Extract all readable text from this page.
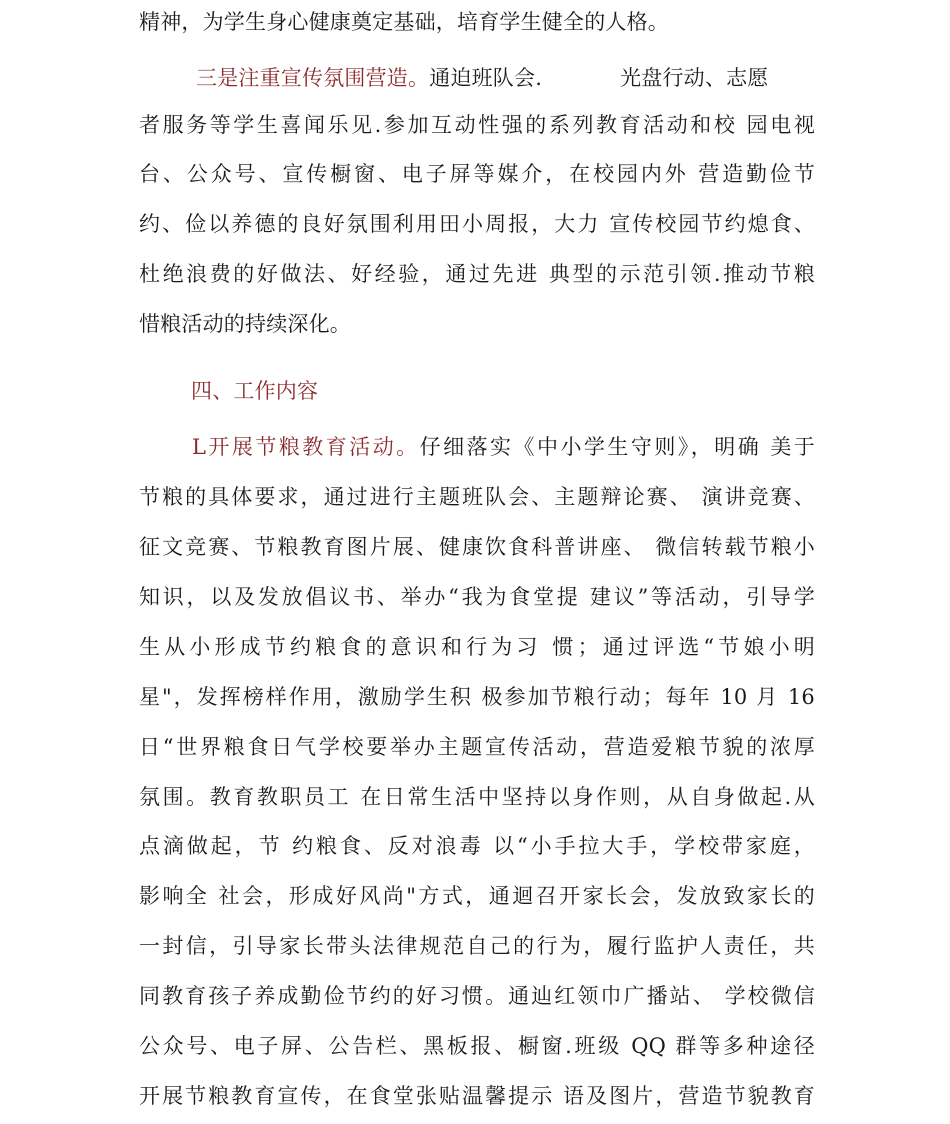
精神，为学生身心健康奠定基础，培育学生健全的人格。
三是注重宣传氛围营造。通迫班队会.	光盘行动、志愿
者服务等学生喜闻乐见.参加互动性强的系列教育活动和校 园电视
台、公众号、宣传橱窗、电子屏等媒介，在校园内外 营造勤俭节
约、俭以养德的良好氛围利用田小周报，大力 宣传校园节约熄食、
杜绝浪费的好做法、好经验，通过先进 典型的示范引领.推动节粮
惜粮活动的持续深化。
四、工作内容
L开展节粮教育活动。仔细落实《中小学生守则》，明确 美于
节粮的具体要求，通过进行主题班队会、主题辩论赛、 演讲竞赛、
征文竞赛、节粮教育图片展、健康饮食科普讲座、 微信转载节粮小
知识，以及发放倡议书、举办“我为食堂提 建议”等活动，引导学
生从小形成节约粮食的意识和行为习 惯；通过评选“节娘小明
星"，发挥榜样作用，激励学生积 极参加节粮行动；每年 10 月 16
日“世界粮食日气学校要举办主题宣传活动，营造爱粮节貌的浓厚
氛围。教育教职员工 在日常生活中坚持以身作则，从自身做起.从
点滴做起，节 约粮食、反对浪毒 以“小手拉大手，学校带家庭，
影响全 社会，形成好风尚"方式，通迴召开家长会，发放致家长的
一封信，引导家长带头法律规范自己的行为，履行监护人责任，共
同教育孩子养成勤俭节约的好习惯。通辿红领巾广播站、 学校微信
公众号、电子屏、公告栏、黑板报、橱窗.班级 QQ 群等多种途径
开展节粮教育宣传，在食堂张贴温馨提示 语及图片，营造节貌教育
